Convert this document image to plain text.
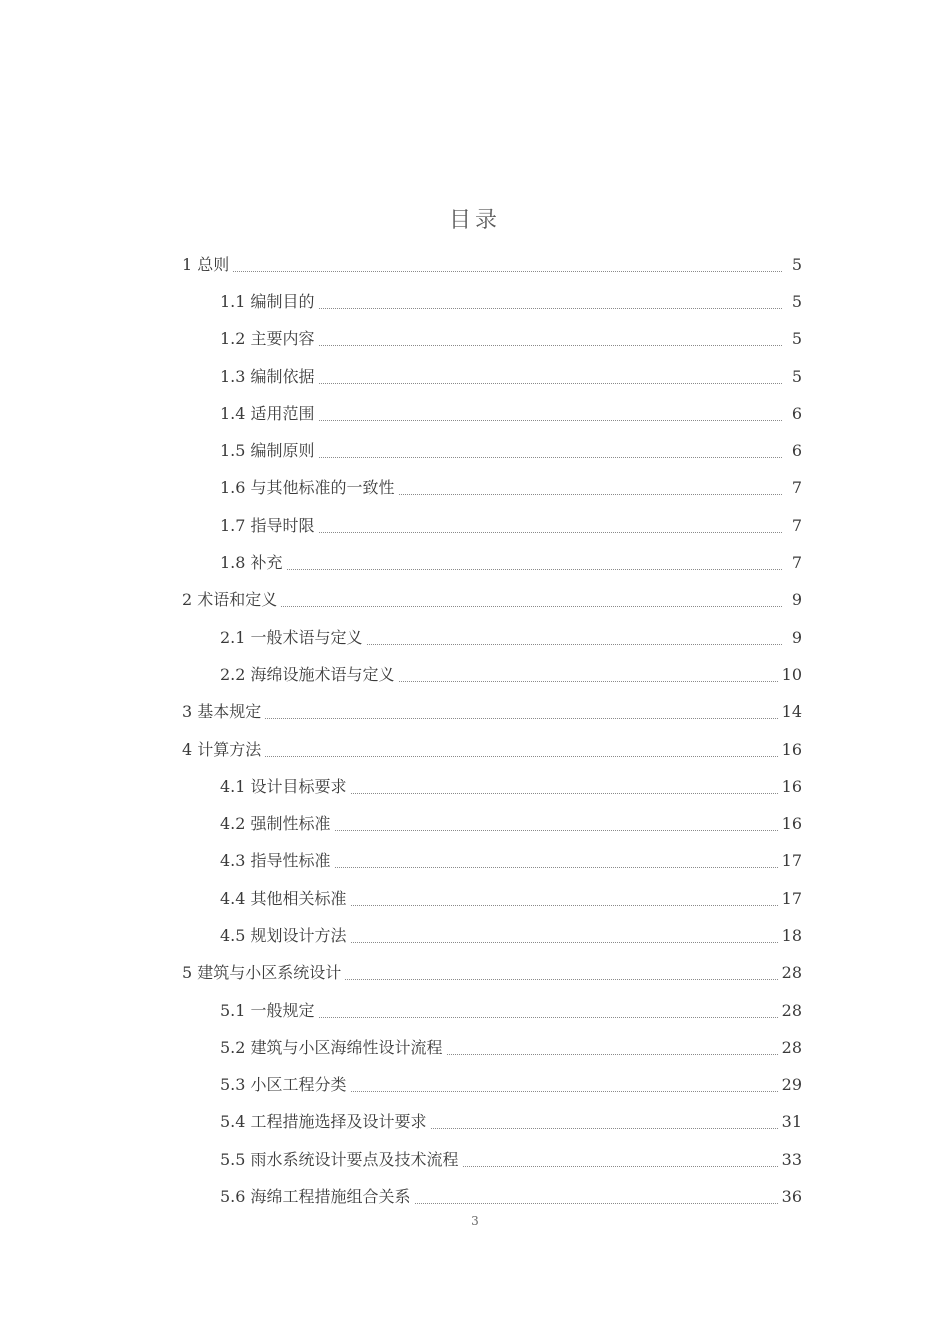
目录
1 总则	5
1.1 编制目的	5
1.2 主要内容	5
1.3 编制依据	5
1.4 适用范围	6
1.5 编制原则	6
1.6 与其他标准的一致性	7
1.7 指导时限	7
1.8 补充	7
2 术语和定义	9
2.1 一般术语与定义	9
2.2 海绵设施术语与定义	10
3 基本规定	14
4 计算方法	16
4.1 设计目标要求	16
4.2 强制性标准	16
4.3 指导性标准	17
4.4 其他相关标准	17
4.5 规划设计方法	18
5 建筑与小区系统设计	28
5.1 一般规定	28
5.2 建筑与小区海绵性设计流程	28
5.3 小区工程分类	29
5.4 工程措施选择及设计要求	31
5.5 雨水系统设计要点及技术流程	33
5.6 海绵工程措施组合关系	36
3
